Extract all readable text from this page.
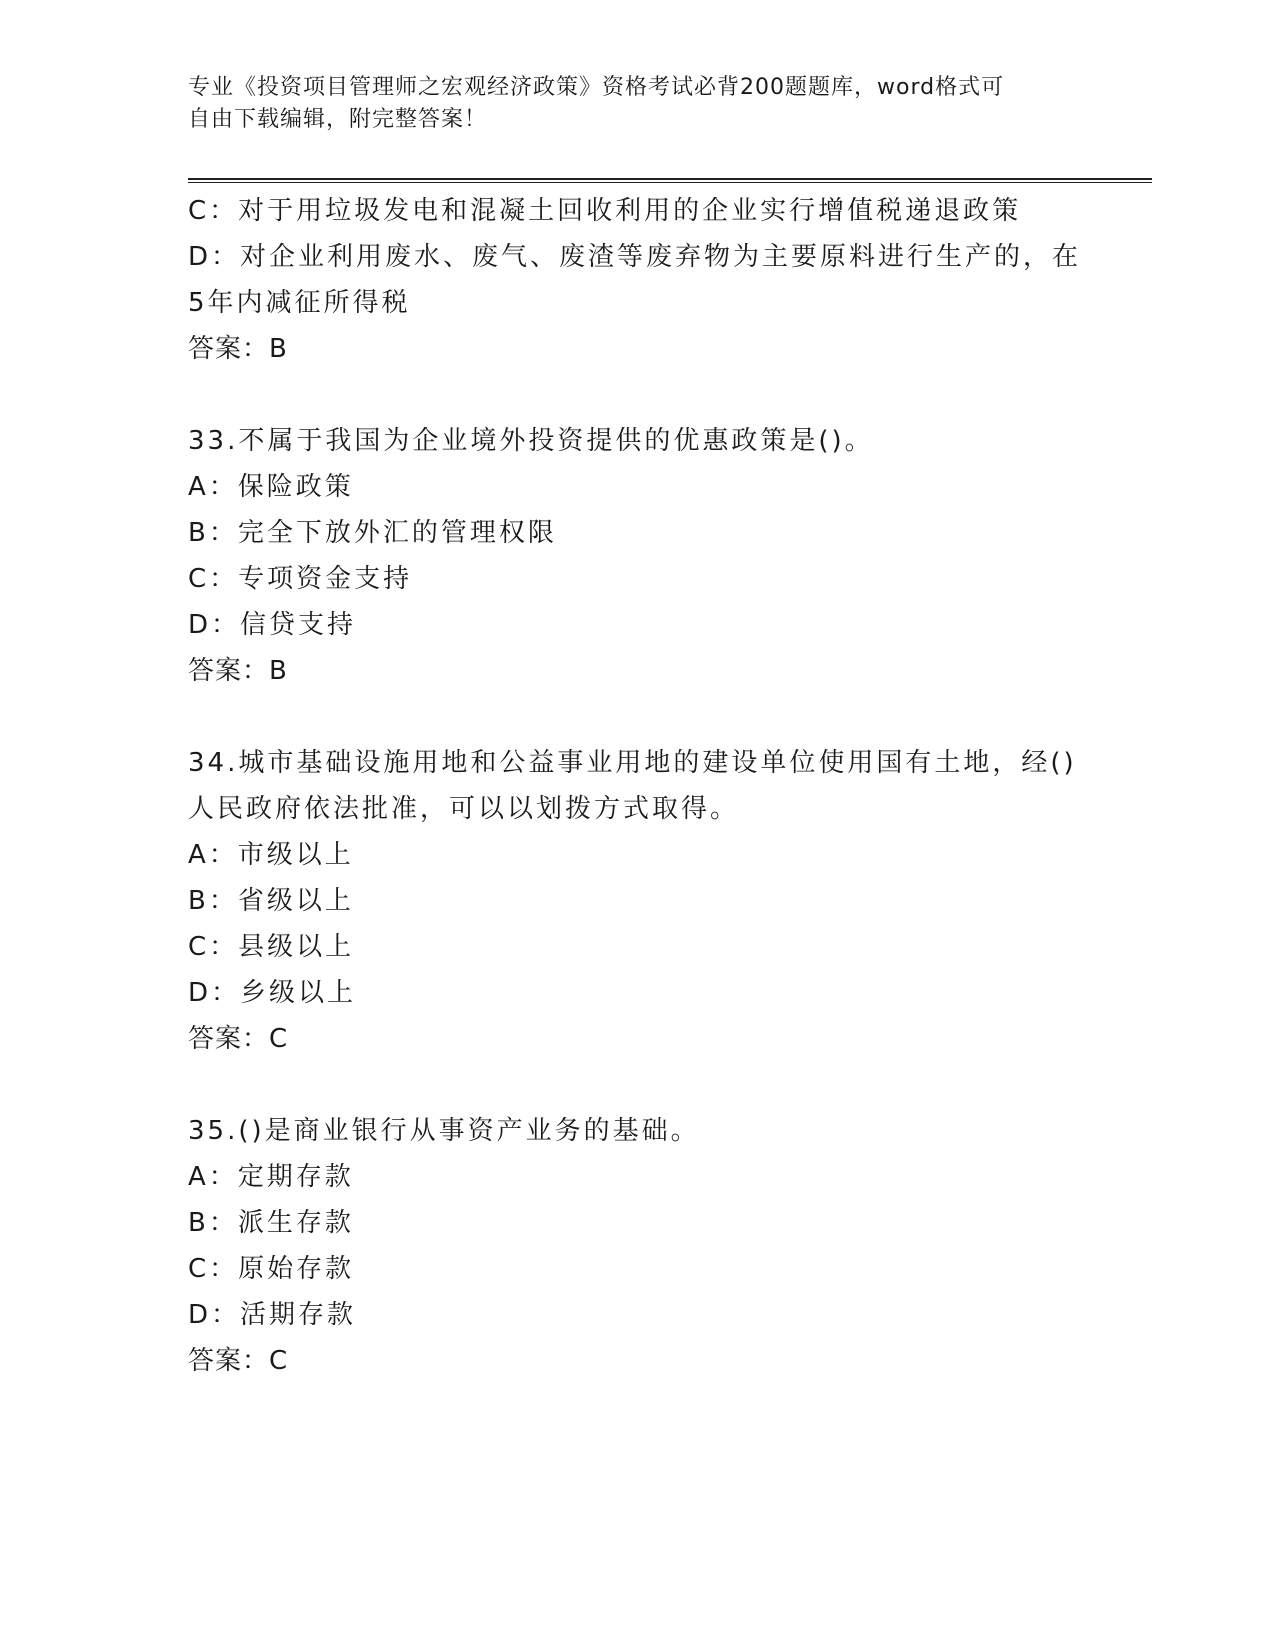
专业《投资项目管理师之宏观经济政策》资格考试必背200题题库，word格式可
自由下载编辑，附完整答案！

C：对于用垃圾发电和混凝土回收利用的企业实行增值税递退政策

D：对企业利用废水、废气、废渣等废弃物为主要原料进行生产的，在

5年内减征所得税

答案：B

33.不属于我国为企业境外投资提供的优惠政策是()。

A：保险政策

B：完全下放外汇的管理权限

C：专项资金支持

D：信贷支持

答案：B

34.城市基础设施用地和公益事业用地的建设单位使用国有土地，经()

人民政府依法批准，可以以划拨方式取得。

A：市级以上

B：省级以上

C：县级以上

D：乡级以上

答案：C

35.()是商业银行从事资产业务的基础。

A：定期存款

B：派生存款

C：原始存款

D：活期存款

答案：C
